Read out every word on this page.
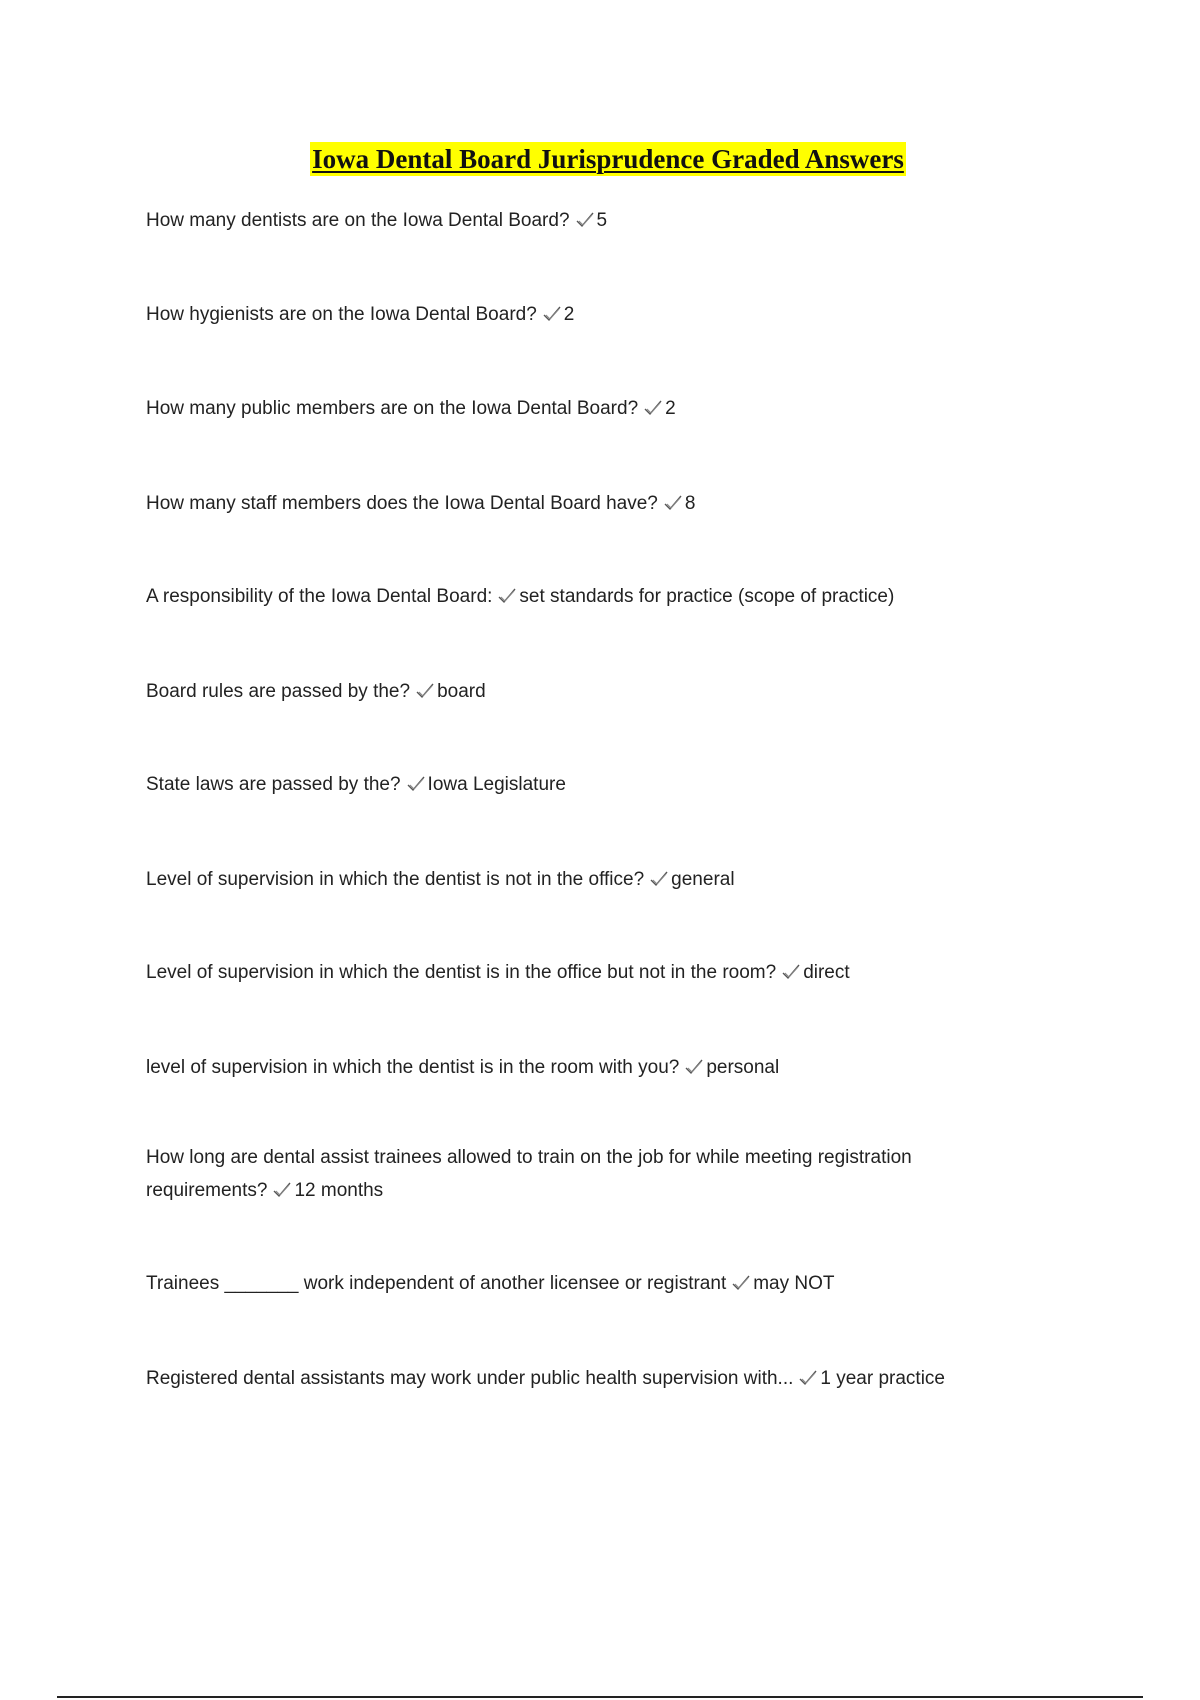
Iowa Dental Board Jurisprudence Graded Answers
How many dentists are on the Iowa Dental Board? 5
How hygienists are on the Iowa Dental Board? 2
How many public members are on the Iowa Dental Board? 2
How many staff members does the Iowa Dental Board have? 8
A responsibility of the Iowa Dental Board: set standards for practice (scope of practice)
Board rules are passed by the? board
State laws are passed by the? Iowa Legislature
Level of supervision in which the dentist is not in the office? general
Level of supervision in which the dentist is in the office but not in the room? direct
level of supervision in which the dentist is in the room with you? personal
How long are dental assist trainees allowed to train on the job for while meeting registration requirements? 12 months
Trainees _______ work independent of another licensee or registrant may NOT
Registered dental assistants may work under public health supervision with... 1 year practice
